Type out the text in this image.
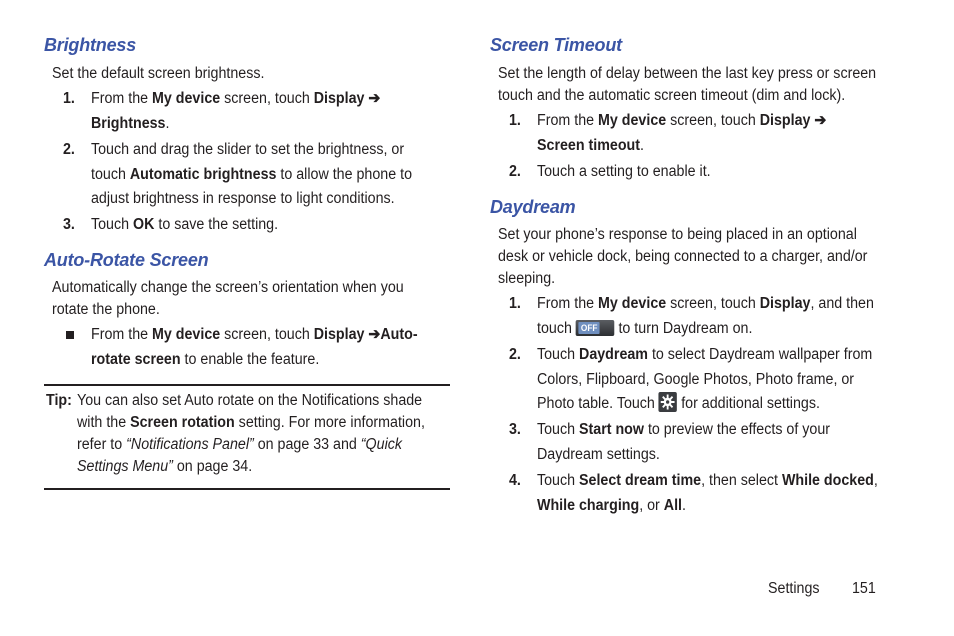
Brightness
Set the default screen brightness.
1. From the My device screen, touch Display ➔
Brightness.
2. Touch and drag the slider to set the brightness, or
touch Automatic brightness to allow the phone to
adjust brightness in response to light conditions.
3. Touch OK to save the setting.
Auto-Rotate Screen
Automatically change the screen’s orientation when you
rotate the phone.
From the My device screen, touch Display ➔Auto-
rotate screen to enable the feature.
Tip: You can also set Auto rotate on the Notifications shade
with the Screen rotation setting. For more information,
refer to “Notifications Panel” on page 33 and “Quick
Settings Menu” on page 34.
Screen Timeout
Set the length of delay between the last key press or screen
touch and the automatic screen timeout (dim and lock).
1. From the My device screen, touch Display ➔
Screen timeout.
2. Touch a setting to enable it.
Daydream
Set your phone’s response to being placed in an optional
desk or vehicle dock, being connected to a charger, and/or
sleeping.
1. From the My device screen, touch Display, and then
touch OFF to turn Daydream on.
2. Touch Daydream to select Daydream wallpaper from
Colors, Flipboard, Google Photos, Photo frame, or
Photo table. Touch
for additional settings.
3. Touch Start now to preview the effects of your
Daydream settings.
4. Touch Select dream time, then select While docked,
While charging, or All.
Settings 151
